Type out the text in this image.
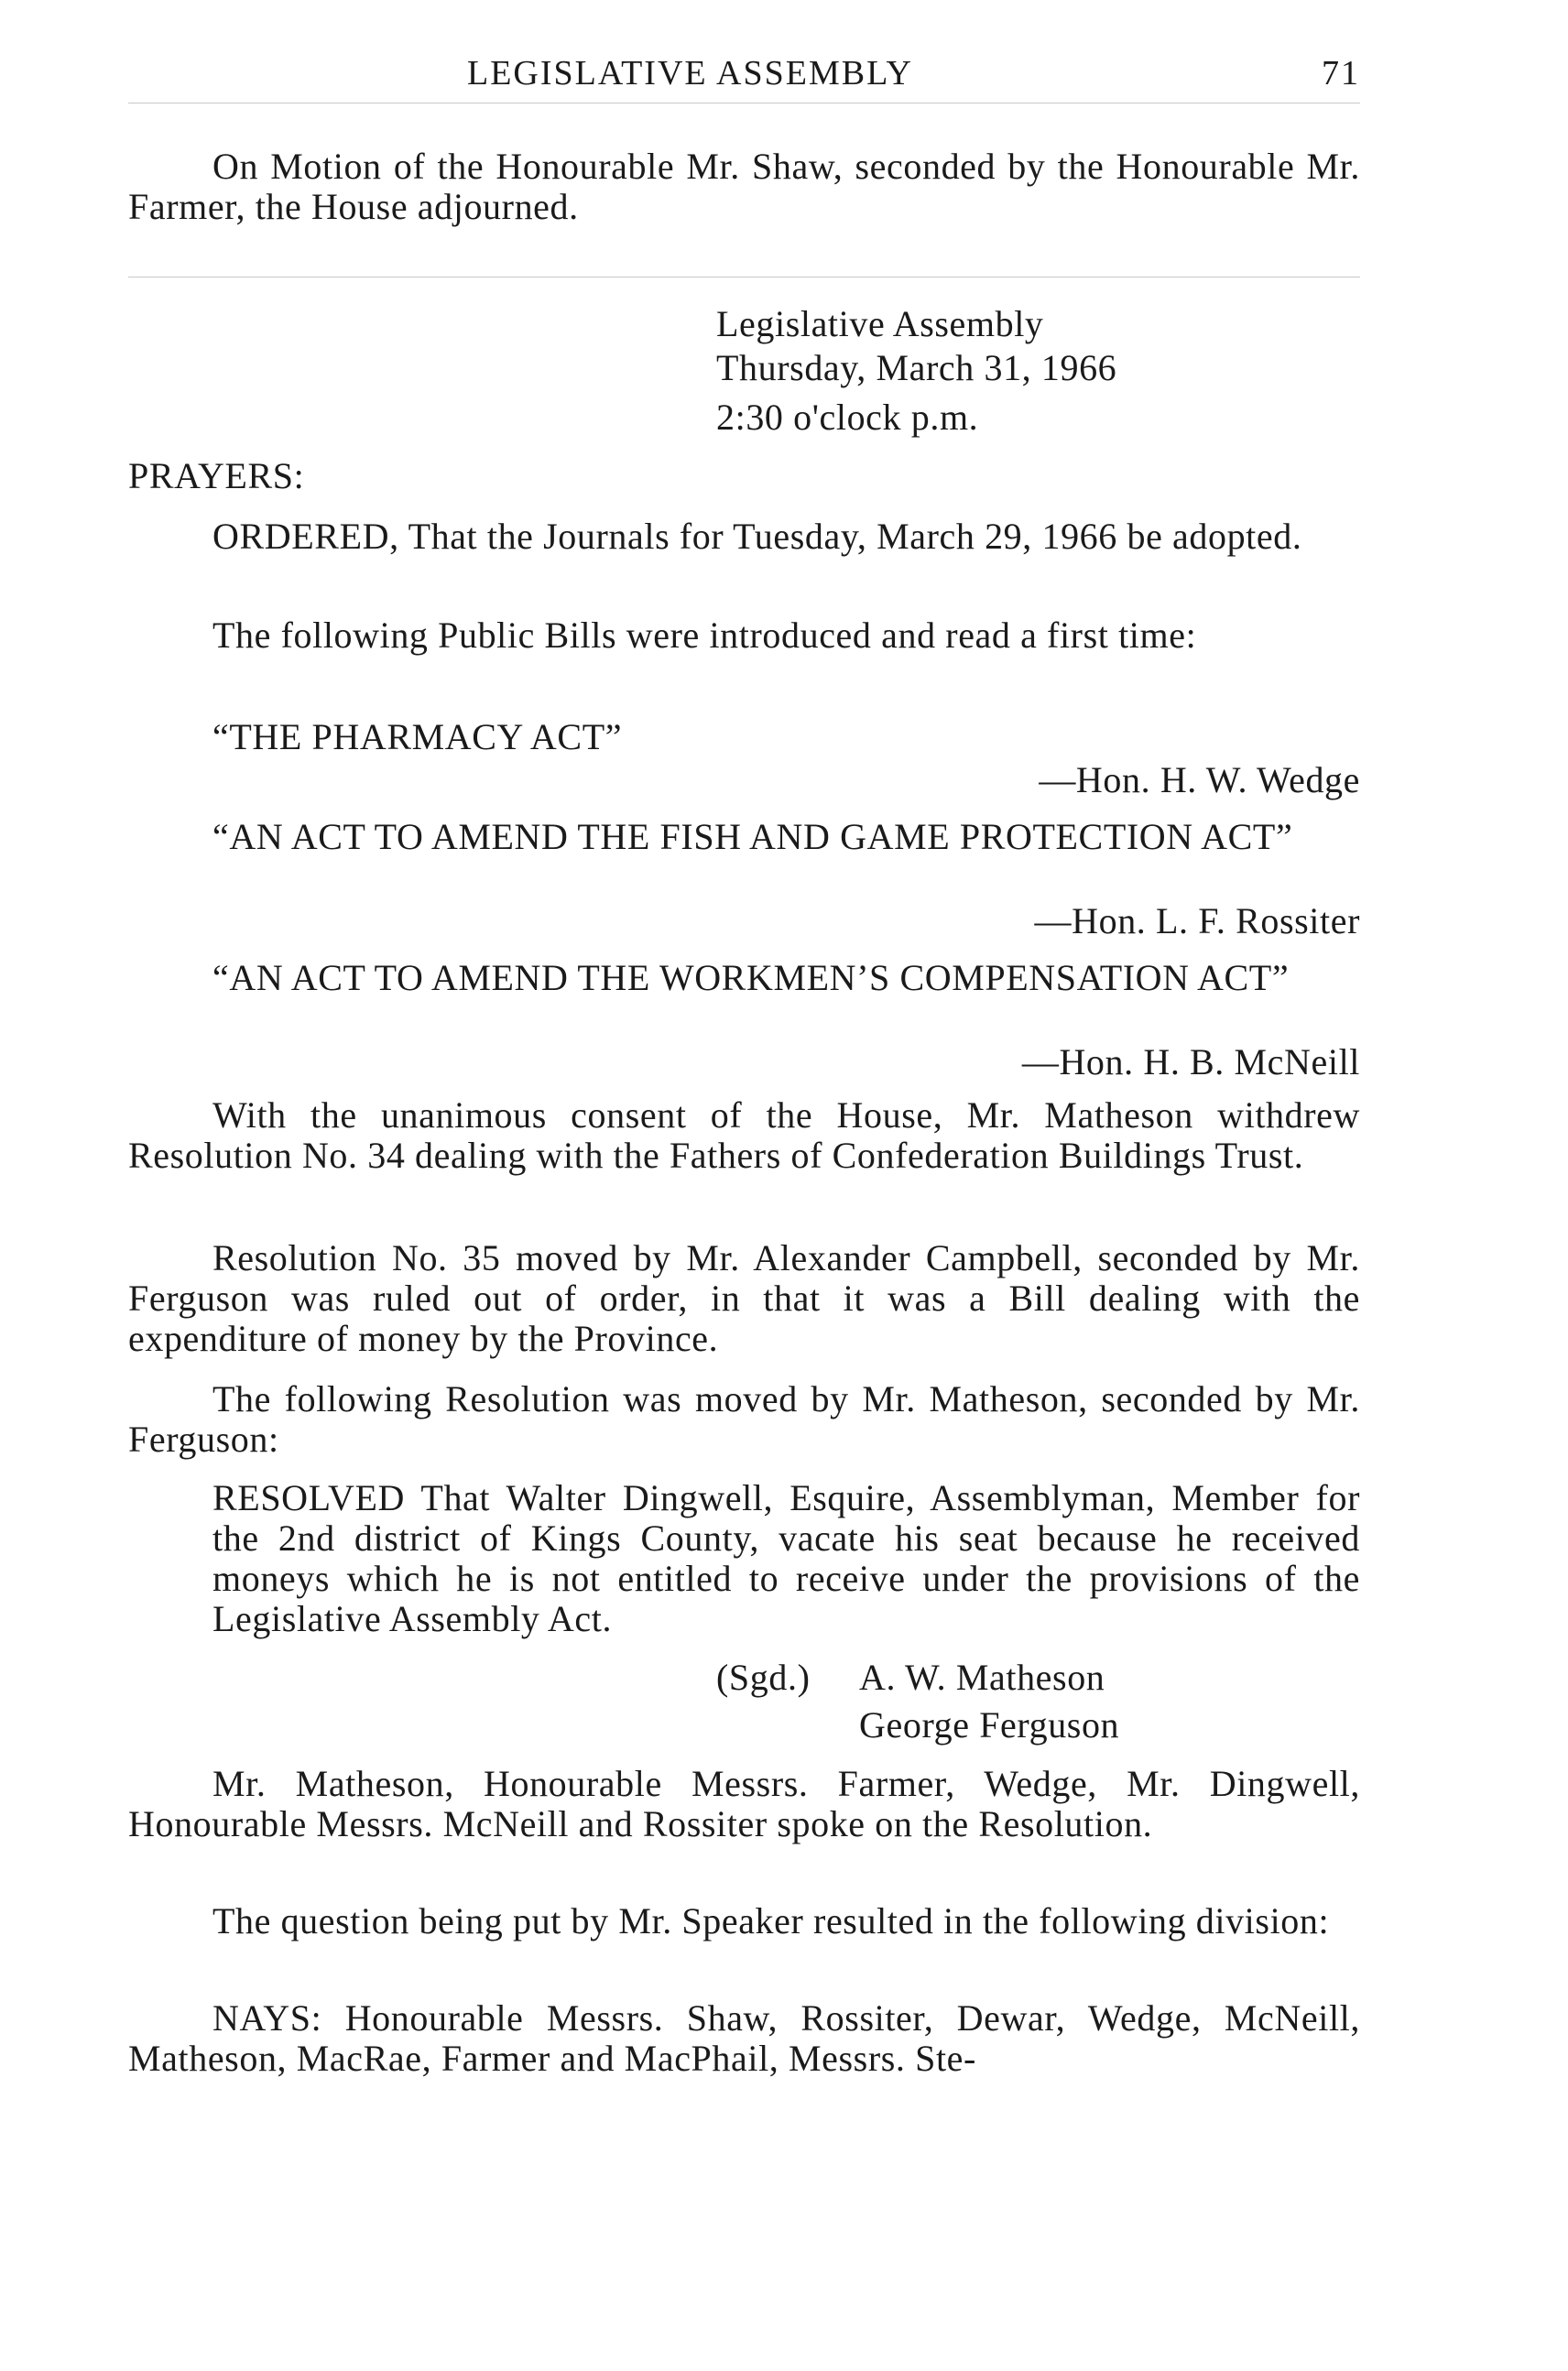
LEGISLATIVE ASSEMBLY	71
On Motion of the Honourable Mr. Shaw, seconded by the Honourable Mr. Farmer, the House adjourned.
Legislative Assembly
Thursday, March 31, 1966
2:30 o'clock p.m.
PRAYERS:
ORDERED, That the Journals for Tuesday, March 29, 1966 be adopted.
The following Public Bills were introduced and read a first time:
“THE PHARMACY ACT”
—Hon. H. W. Wedge
“AN ACT TO AMEND THE FISH AND GAME PROTECTION ACT”
—Hon. L. F. Rossiter
“AN ACT TO AMEND THE WORKMEN’S COMPENSATION ACT”
—Hon. H. B. McNeill
With the unanimous consent of the House, Mr. Matheson withdrew Resolution No. 34 dealing with the Fathers of Confederation Buildings Trust.
Resolution No. 35 moved by Mr. Alexander Campbell, seconded by Mr. Ferguson was ruled out of order, in that it was a Bill dealing with the expenditure of money by the Province.
The following Resolution was moved by Mr. Matheson, seconded by Mr. Ferguson:
RESOLVED That Walter Dingwell, Esquire, Assemblyman, Member for the 2nd district of Kings County, vacate his seat because he received moneys which he is not entitled to receive under the provisions of the Legislative Assembly Act.
(Sgd.) A. W. Matheson
George Ferguson
Mr. Matheson, Honourable Messrs. Farmer, Wedge, Mr. Dingwell, Honourable Messrs. McNeill and Rossiter spoke on the Resolution.
The question being put by Mr. Speaker resulted in the following division:
NAYS: Honourable Messrs. Shaw, Rossiter, Dewar, Wedge, McNeill, Matheson, MacRae, Farmer and MacPhail, Messrs. Ste-
